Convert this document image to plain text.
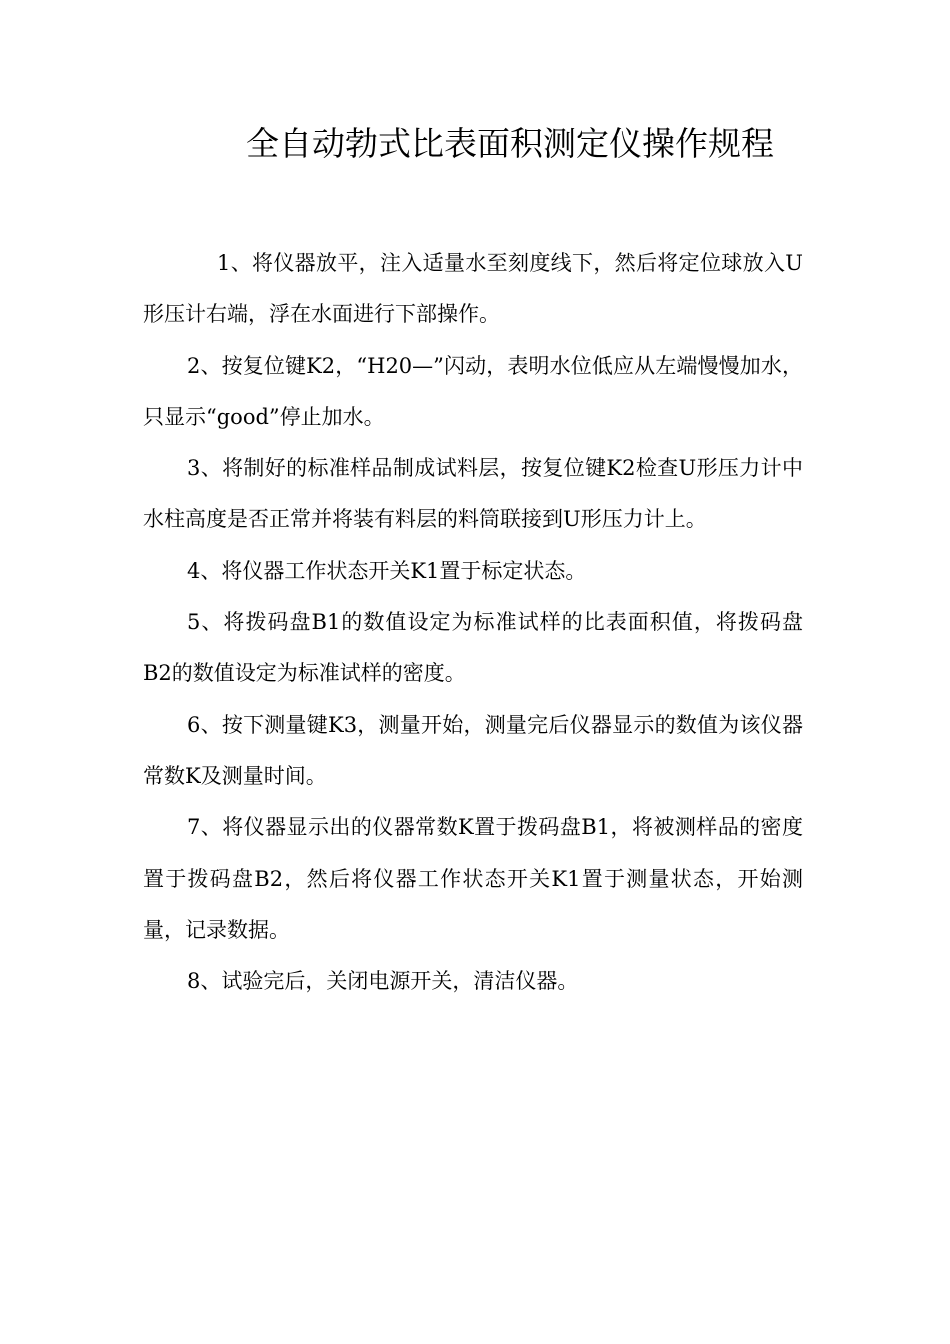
全自动勃式比表面积测定仪操作规程

1、将仪器放平，注入适量水至刻度线下，然后将定位球放入U形压计右端，浮在水面进行下部操作。

2、按复位键K2，“H20—”闪动，表明水位低应从左端慢慢加水，只显示“good”停止加水。

3、将制好的标准样品制成试料层，按复位键K2检查U形压力计中水柱高度是否正常并将装有料层的料筒联接到U形压力计上。

4、将仪器工作状态开关K1置于标定状态。

5、将拨码盘B1的数值设定为标准试样的比表面积值，将拨码盘B2的数值设定为标准试样的密度。

6、按下测量键K3，测量开始，测量完后仪器显示的数值为该仪器常数K及测量时间。

7、将仪器显示出的仪器常数K置于拨码盘B1，将被测样品的密度置于拨码盘B2，然后将仪器工作状态开关K1置于测量状态，开始测量，记录数据。

8、试验完后，关闭电源开关，清洁仪器。
